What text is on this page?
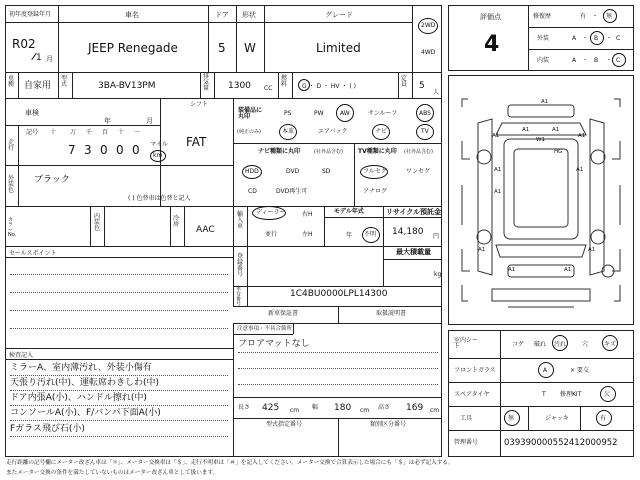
初年度登録年月
R02
1 月
車名
JEEP Renegade
ドア
5
形状
W
グレード
Limited
2WD
4WD
車種 自家用
型式	3BA-BV13PM
排気量 1300 CC
燃料 G ・ D ・ HV ・ ( )
定員 5
人
車検
年	月
シフト
FAT
走行
記号 十 万 千 百 十 一
7 3 0 0 0 マイル
km
外装色
ブラック
( ) 色替車は色替と記入
カラーNo.
内装色
冷房
AAC
装備品に丸印
(純正のみ)
PS	PW	AW	サンルーフ	ABS
本革	エアバック	ナビ	TV
ナビ種類に丸印	(社外品含む)
HDD	DVD	SD
CD	DVD再生可
TV種類に丸印 (社外品含む)
フルセグ	ワンセグ
アナログ
輸入車
ディーラー
並行
右H
左H
モデル年式
年 不明
リサイクル預託金
14,180 円
最大積載量
kg
登録番号
車台番号
1C4BU0000LPL14300
セールスポイント
新車保証書	取扱説明書
注意事項・不具合箇所
フロアマットなし
検査記入
ミラーA、室内薄汚れ、外装小傷有
天張り汚れ(中)、運転席わきしわ(中)
ドア内張A(小)、ハンドル擦れ(中)
コンソールA(小)、F/バンパ下面A(小)
Fガラス飛び石(小)
長さ 425 cm 幅 180 cm 高さ 169 cm
型式指定番号	類別区分番号
評価点
4
修復歴	有 ・ 無
外装	A ・ B ・ C
内装	A ・ B ・ C
A1
A1	A1
A1
W1
A1
A1	A1
A1
HG
A1	A1
A1	A1
室内シート	コゲ 破れ 汚れ	穴	キズ
フロントガラス	A	× 要交
スペアタイヤ	T 修理KIT	欠
工具	無	ジャッキ	有
管理番号	039390000552412000952
走行距離の記号欄にメーター改ざん車は「＊」、メーター交換車は「＄」、走行不明車は「＃」を記入してください。メーター交換で合算表示した場合にも「＄」は必ず記入する。
またメーター交換の条件を満たしていないものはメーター改ざん車として扱います。
